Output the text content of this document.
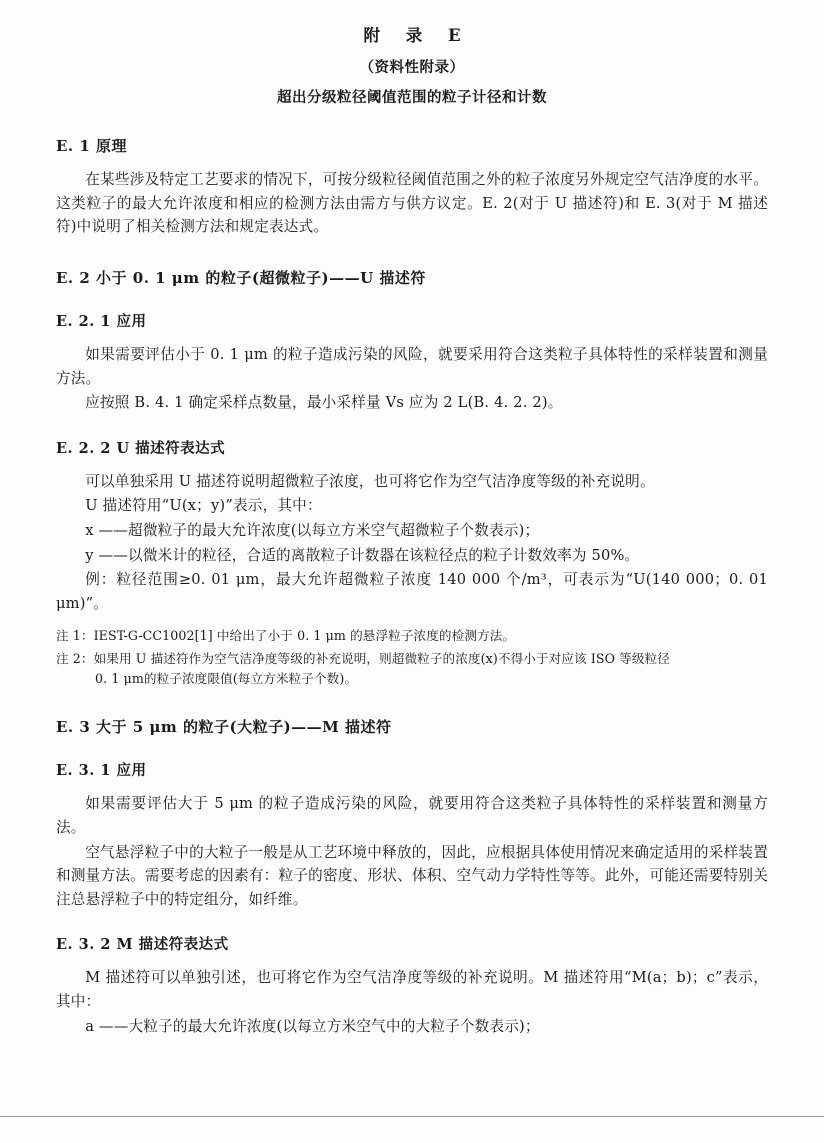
附 录 E
（资料性附录）
超出分级粒径阈值范围的粒子计径和计数
E. 1 原理

在某些涉及特定工艺要求的情况下，可按分级粒径阈值范围之外的粒子浓度另外规定空气洁净度的水平。这类粒子的最大允许浓度和相应的检测方法由需方与供方议定。E. 2(对于 U 描述符)和 E. 3(对于 M 描述符)中说明了相关检测方法和规定表达式。

E. 2 小于 0. 1 μm 的粒子(超微粒子)——U 描述符
E. 2. 1 应用

如果需要评估小于 0. 1 μm 的粒子造成污染的风险，就要采用符合这类粒子具体特性的采样装置和测量方法。

应按照 B. 4. 1 确定采样点数量，最小采样量 Vs 应为 2 L(B. 4. 2. 2)。

E. 2. 2 U 描述符表达式

可以单独采用 U 描述符说明超微粒子浓度，也可将它作为空气洁净度等级的补充说明。

U 描述符用“U(x；y)”表示，其中：

x ——超微粒子的最大允许浓度(以每立方米空气超微粒子个数表示)；

y ——以微米计的粒径，合适的离散粒子计数器在该粒径点的粒子计数效率为 50%。

例：粒径范围≥0. 01 μm，最大允许超微粒子浓度 140 000 个/m³，可表示为“U(140 000；0. 01 μm)”。

注 1：IEST-G-CC1002[1] 中给出了小于 0. 1 μm 的悬浮粒子浓度的检测方法。

注 2：如果用 U 描述符作为空气洁净度等级的补充说明，则超微粒子的浓度(x)不得小于对应该 ISO 等级粒径

0. 1 μm的粒子浓度限值(每立方米粒子个数)。

E. 3 大于 5 μm 的粒子(大粒子)——M 描述符
E. 3. 1 应用

如果需要评估大于 5 μm 的粒子造成污染的风险，就要用符合这类粒子具体特性的采样装置和测量方法。

空气悬浮粒子中的大粒子一般是从工艺环境中释放的，因此，应根据具体使用情况来确定适用的采样装置和测量方法。需要考虑的因素有：粒子的密度、形状、体积、空气动力学特性等等。此外，可能还需要特别关注总悬浮粒子中的特定组分，如纤维。

E. 3. 2 M 描述符表达式

M 描述符可以单独引述，也可将它作为空气洁净度等级的补充说明。M 描述符用“M(a；b)；c”表示，其中：

a ——大粒子的最大允许浓度(以每立方米空气中的大粒子个数表示)；
